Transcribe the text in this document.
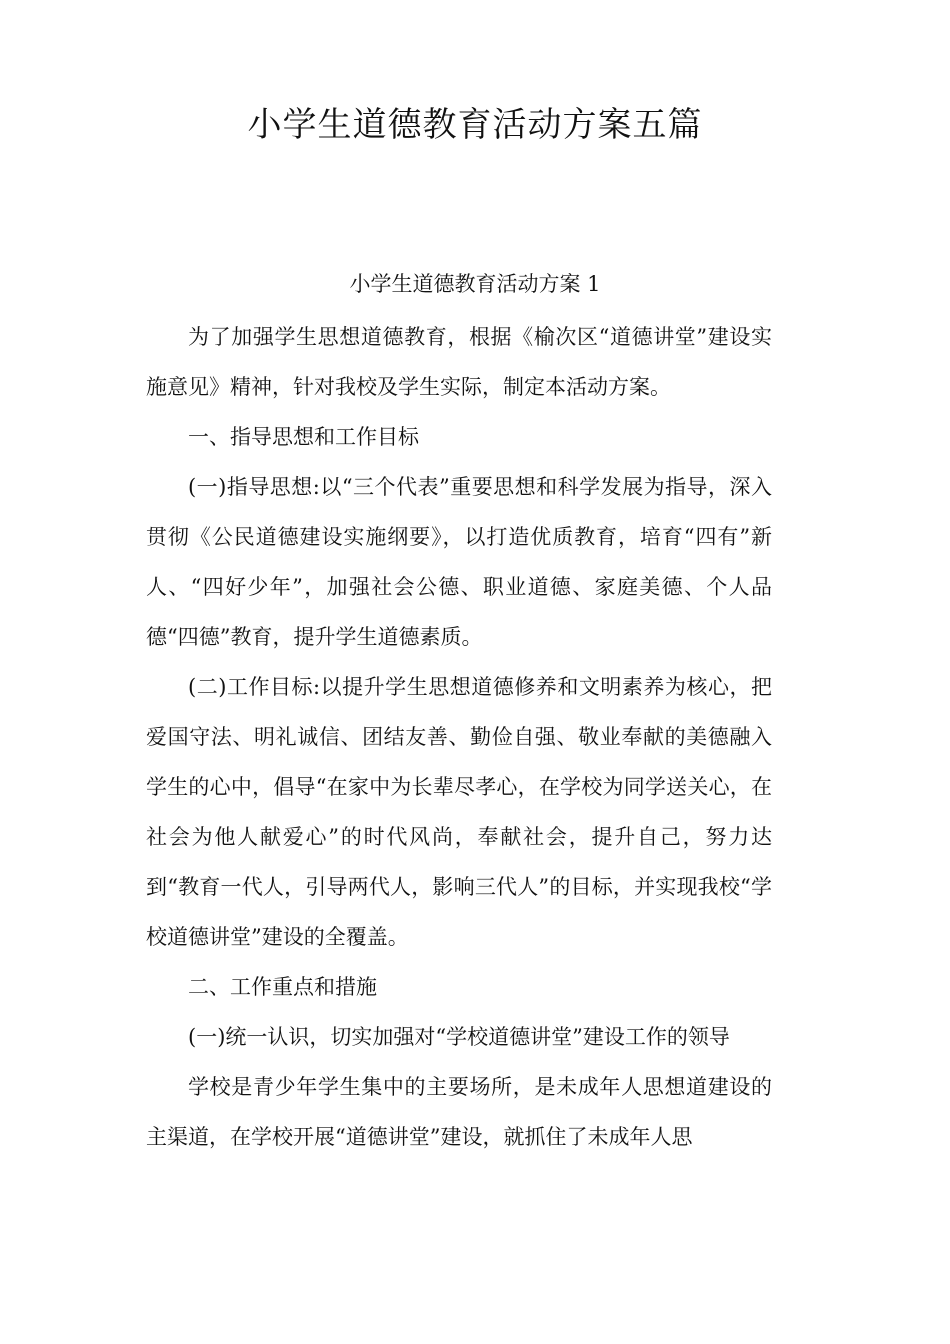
小学生道德教育活动方案五篇
小学生道德教育活动方案 1

为了加强学生思想道德教育，根据《榆次区“道德讲堂”建设实施意见》精神，针对我校及学生实际，制定本活动方案。

一、指导思想和工作目标

(一)指导思想:以“三个代表”重要思想和科学发展为指导，深入贯彻《公民道德建设实施纲要》，以打造优质教育，培育“四有”新人、“四好少年”，加强社会公德、职业道德、家庭美德、个人品德“四德”教育，提升学生道德素质。

(二)工作目标:以提升学生思想道德修养和文明素养为核心，把爱国守法、明礼诚信、团结友善、勤俭自强、敬业奉献的美德融入学生的心中，倡导“在家中为长辈尽孝心，在学校为同学送关心，在社会为他人献爱心”的时代风尚，奉献社会，提升自己，努力达到“教育一代人，引导两代人，影响三代人”的目标，并实现我校“学校道德讲堂”建设的全覆盖。

二、工作重点和措施

(一)统一认识，切实加强对“学校道德讲堂”建设工作的领导

学校是青少年学生集中的主要场所，是未成年人思想道建设的主渠道，在学校开展“道德讲堂”建设，就抓住了未成年人思
